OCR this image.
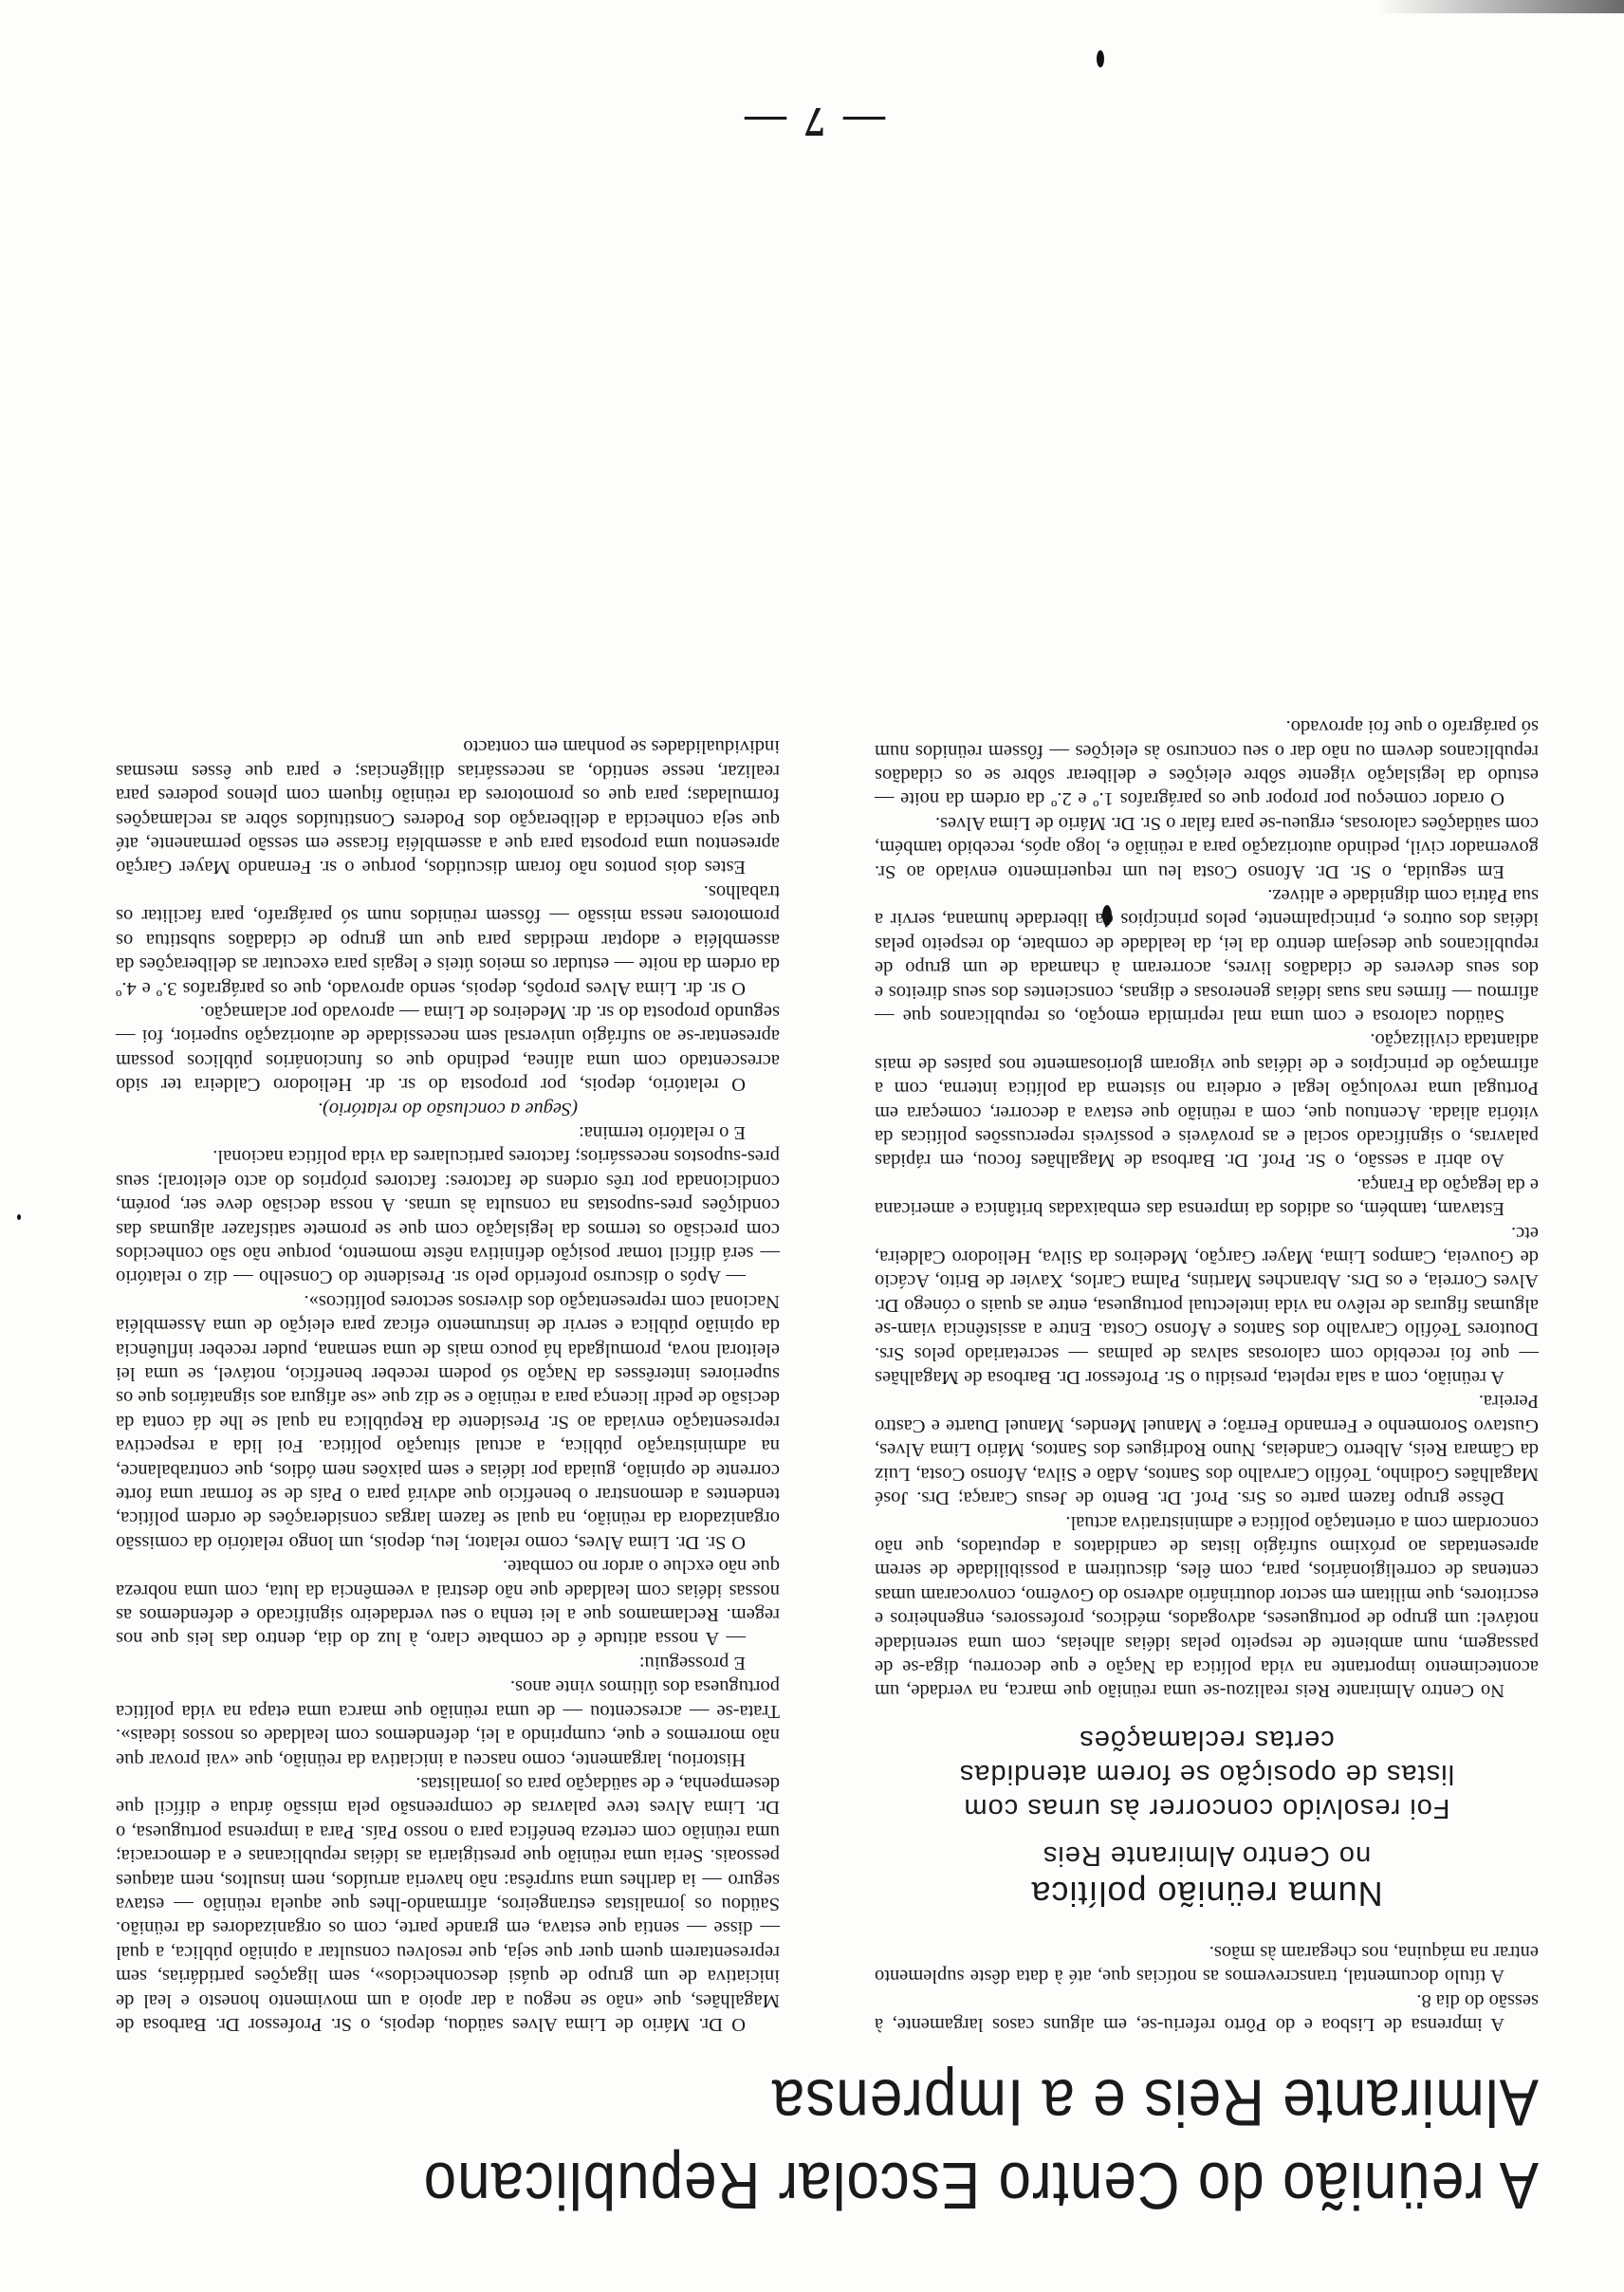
A reünião do Centro Escolar Republicano
Almirante Reis e a Imprensa

A imprensa de Lisboa e do Pôrto referiu-se, em alguns casos largamente, à sessão do dia 8.

A título documental, transcrevemos as notícias que, até à data dêste suplemento entrar na máquina, nos chegaram às mãos.

Numa reünião política
no Centro Almirante Reis
Foi resolvido concorrer às urnas com
listas de oposição se forem atendidas
certas reclamações

No Centro Almirante Reis realizou-se uma reünião que marca, na verdade, um acontecimento importante na vida política da Nação e que decorreu, diga-se de passagem, num ambiente de respeito pelas idéias alheias, com uma serenidade notável: um grupo de portugueses, advogados, médicos, professores, engenheiros e escritores, que militam em sector doutrinário adverso do Govêrno, convocaram umas centenas de correligionários, para, com êles, discutirem a possibilidade de serem apresentadas ao próximo sufrágio listas de candidatos a deputados, que não concordam com a orientação política e administrativa actual.

Dêsse grupo fazem parte os Srs. Prof. Dr. Bento de Jesus Caraça; Drs. José Magalhães Godinho, Teófilo Carvalho dos Santos, Adão e Silva, Afonso Costa, Luiz da Câmara Reis, Alberto Candeias, Nuno Rodrigues dos Santos, Mário Lima Alves, Gustavo Soromenho e Fernando Ferrão; e Manuel Mendes, Manuel Duarte e Castro Pereira.

A reünião, com a sala repleta, presidiu o Sr. Professor Dr. Barbosa de Magalhães — que foi recebido com calorosas salvas de palmas — secretariado pelos Srs. Doutores Teófilo Carvalho dos Santos e Afonso Costa. Entre a assistência viam-se algumas figuras de relêvo na vida intelectual portuguesa, entre as quais o cónego Dr. Alves Correia, e os Drs. Abranches Martins, Palma Carlos, Xavier de Brito, Acácio de Gouveia, Campos Lima, Mayer Garção, Medeiros da Silva, Heliodoro Caldeira, etc.

Estavam, também, os adidos da imprensa das embaixadas britânica e americana e da legação da França.

Ao abrir a sessão, o Sr. Prof. Dr. Barbosa de Magalhães focou, em rápidas palavras, o significado social e as prováveis e possíveis repercussões políticas da vitória aliada. Acentuou que, com a reünião que estava a decorrer, começara em Portugal uma revolução legal e ordeira no sistema da política interna, com a afirmação de princípios e de idéias que vigoram gloriosamente nos países de mais adiantada civilização.

Saüdou calorosa e com uma mal reprimida emoção, os republicanos que — afirmou — firmes nas suas idéias generosas e dignas, conscientes dos seus direitos e dos seus deveres de cidadãos livres, acorreram à chamada de um grupo de republicanos que desejam dentro da lei, da lealdade de combate, do respeito pelas idéias dos outros e, principalmente, pelos princípios da liberdade humana, servir a sua Pátria com dignidade e altivez.

Em seguida, o Sr. Dr. Afonso Costa leu um requerimento enviado ao Sr. governador civil, pedindo autorização para a reünião e, logo após, recebido também, com saüdações calorosas, ergueu-se para falar o Sr. Dr. Mário de Lima Alves.

O orador começou por propor que os parágrafos 1.º e 2.º da ordem da noite — estudo da legislação vigente sôbre eleições e deliberar sôbre se os cidadãos republicanos devem ou não dar o seu concurso às eleições — fôssem reünidos num só parágrafo o que foi aprovado.

O Dr. Mário de Lima Alves saüdou, depois, o Sr. Professor Dr. Barbosa de Magalhães, que «não se negou a dar apoio a um movimento honesto e leal de iniciativa de um grupo de quási desconhecidos», sem ligações partidárias, sem representarem quem quer que seja, que resolveu consultar a opinião pública, a qual — disse — sentia que estava, em grande parte, com os organizadores da reünião. Saüdou os jornalistas estrangeiros, afirmando-lhes que aquela reünião — estava seguro — ia darlhes uma surprêsa: não haveria arruídos, nem insultos, nem ataques pessoais. Seria uma reünião que prestigiaria as idéias republicanas e a democracia; uma reünião com certeza benéfica para o nosso País. Para a imprensa portuguesa, o Dr. Lima Alves teve palavras de compreensão pela missão árdua e difícil que desempenha, e de saüdação para os jornalistas.

Historiou, largamente, como nasceu a iniciativa da reünião, que «vai provar que não morremos e que, cumprindo a lei, defendemos com lealdade os nossos ideais». Trata-se — acrescentou — de uma reünião que marca uma etapa na vida política portuguesa dos últimos vinte anos.

E prosseguiu:

— A nossa atitude é de combate claro, à luz do dia, dentro das leis que nos regem. Reclamamos que a lei tenha o seu verdadeiro significado e defendemos as nossas idéias com lealdade que não destrai a veemência da luta, com uma nobreza que não exclue o ardor no combate.

O Sr. Dr. Lima Alves, como relator, leu, depois, um longo relatório da comissão organizadora da reünião, na qual se fazem largas considerações de ordem política, tendentes a demonstrar o benefício que advirá para o País de se formar uma forte corrente de opinião, guiada por idéias e sem paixões nem ódios, que contrabalance, na administração pública, a actual situação política. Foi lida a respectiva representação enviada ao Sr. Presidente da República na qual se lhe dá conta da decisão de pedir licença para a reünião e se diz que «se afigura aos signatários que os superiores interêsses da Nação só podem receber benefício, notável, se uma lei eleitoral nova, promulgada há pouco mais de uma semana, puder receber influência da opinião pública e servir de instrumento eficaz para eleição de uma Assembléia Nacional com representação dos diversos sectores políticos».

— Após o discurso proferido pelo sr. Presidente do Conselho — diz o relatório — será difícil tomar posição definitiva nêste momento, porque não são conhecidos com precisão os termos da legislação com que se promete satisfazer algumas das condições pres-supostas na consulta às urnas. A nossa decisão deve ser, porém, condicionada por três ordens de factores: factores próprios do acto eleitoral; seus pres-supostos necessários; factores particulares da vida política nacional.

E o relatório termina:

(Segue a conclusão do relatório).

O relatório, depois, por proposta do sr. dr. Heliodoro Caldeira ter sido acrescentado com uma alínea, pedindo que os funcionários públicos possam apresentar-se ao sufrágio universal sem necessidade de autorização superior, foi — segundo proposta do sr. dr. Medeiros de Lima — aprovado por aclamação.

O sr. dr. Lima Alves propôs, depois, sendo aprovado, que os parágrafos 3.º e 4.º da ordem da noite — estudar os meios úteis e legais para executar as deliberações da assembléia e adoptar medidas para que um grupo de cidadãos substitua os promotores nessa missão — fôssem reünidos num só parágrafo, para facilitar os trabalhos.

Estes dois pontos não foram discutidos, porque o sr. Fernando Mayer Garção apresentou uma proposta para que a assembléia ficasse em sessão permanente, até que seja conhecida a deliberação dos Poderes Constituídos sôbre as reclamações formuladas; para que os promotores da reünião fiquem com plenos poderes para realizar, nesse sentido, as necessárias diligências; e para que êsses mesmas individualidades se ponham em contacto

— 7 —
